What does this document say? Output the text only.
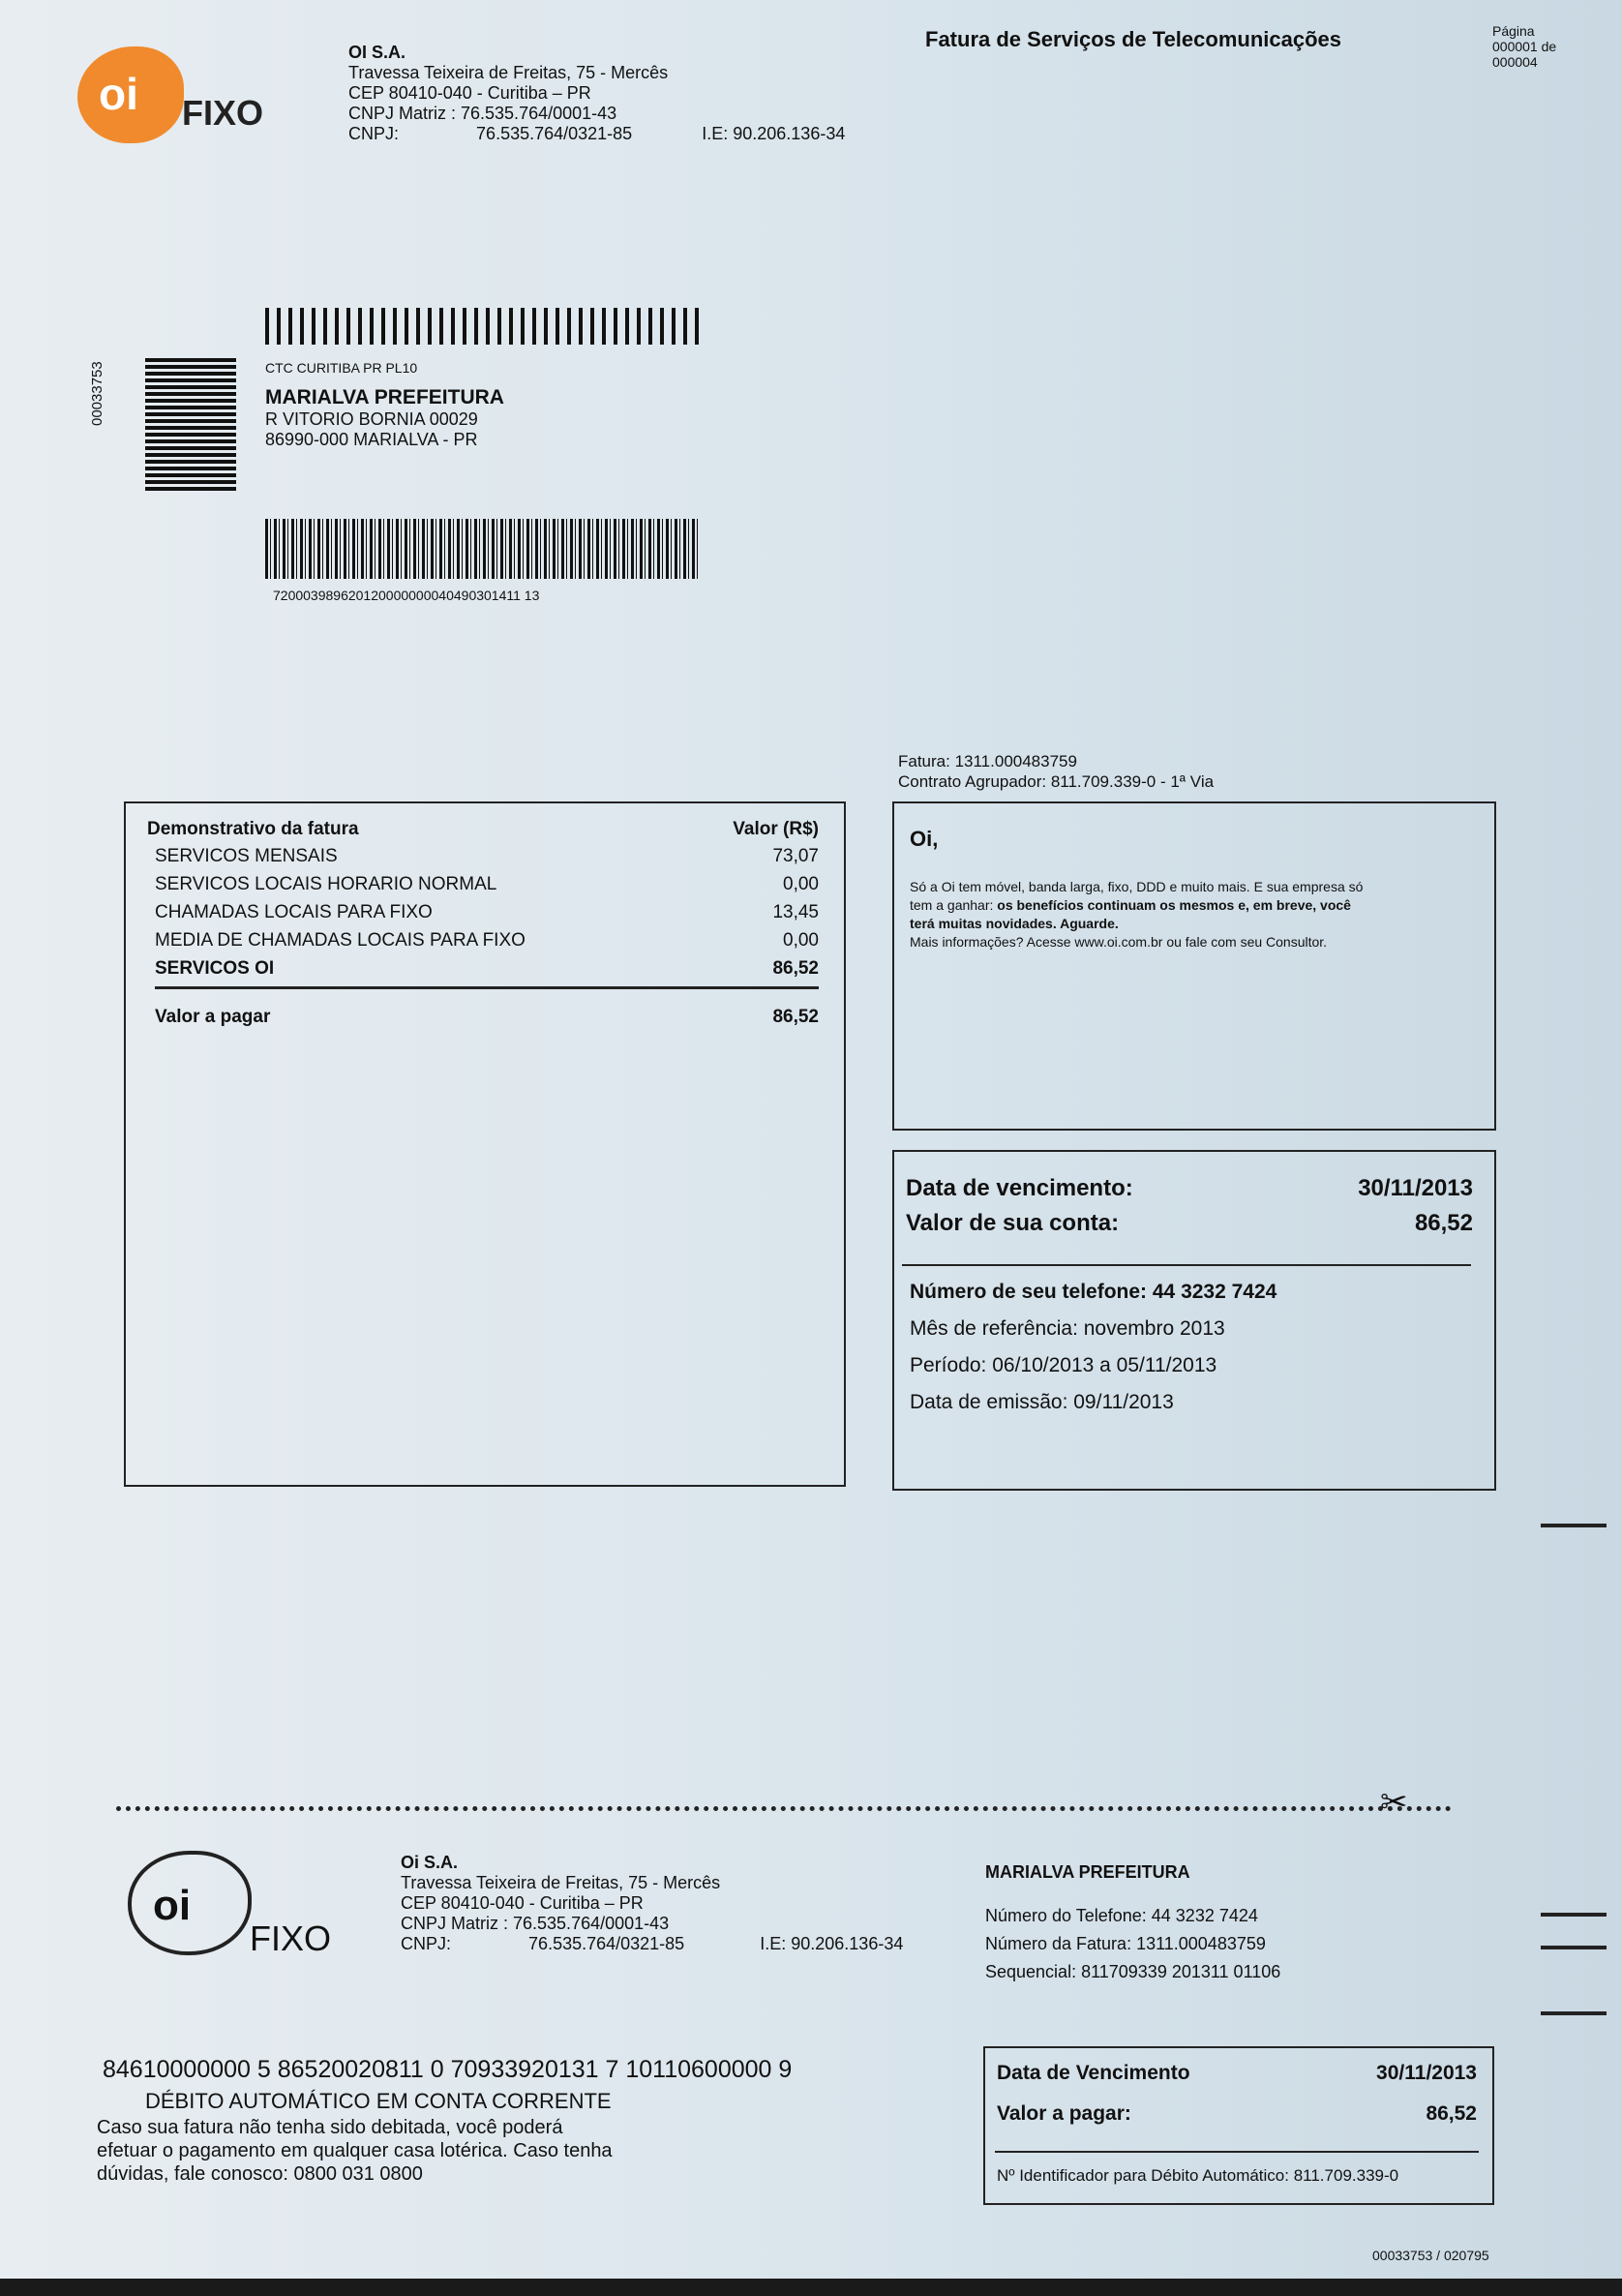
oi FIXO
OI S.A.
Travessa Teixeira de Freitas, 75 - Mercês
CEP 80410-040 - Curitiba – PR
CNPJ Matriz : 76.535.764/0001-43
CNPJ:	76.535.764/0321-85	I.E: 90.206.136-34
Fatura de Serviços de Telecomunicações	Página
000001 de
000004
00033753	CTC CURITIBA PR PL10
MARIALVA PREFEITURA
R VITORIO BORNIA 00029
86990-000 MARIALVA - PR
720003989620120000000040490301411 13
Fatura: 1311.000483759
Contrato Agrupador: 811.709.339-0 - 1ª Via
Demonstrativo da fatura	Valor (R$)
SERVICOS MENSAIS	73,07
SERVICOS LOCAIS HORARIO NORMAL	0,00
CHAMADAS LOCAIS PARA FIXO	13,45
MEDIA DE CHAMADAS LOCAIS PARA FIXO	0,00
SERVICOS OI	86,52
Valor a pagar	86,52
Oi,

Só a Oi tem móvel, banda larga, fixo, DDD e muito mais. E sua empresa só

tem a ganhar: os benefícios continuam os mesmos e, em breve, você

terá muitas novidades. Aguarde.

Mais informações? Acesse www.oi.com.br ou fale com seu Consultor.

Data de vencimento:	30/11/2013
Valor de sua conta:	86,52
Número de seu telefone: 44 3232 7424
Mês de referência: novembro 2013
Período: 06/10/2013 a 05/11/2013
Data de emissão: 09/11/2013
✂
oi
FIXO
Oi S.A.
Travessa Teixeira de Freitas, 75 - Mercês
CEP 80410-040 - Curitiba – PR
CNPJ Matriz : 76.535.764/0001-43
CNPJ:	76.535.764/0321-85	I.E: 90.206.136-34
MARIALVA PREFEITURA
Número do Telefone: 44 3232 7424
Número da Fatura: 1311.000483759
Sequencial: 811709339 201311 01106
84610000000 5 86520020811 0 70933920131 7 10110600000 9
DÉBITO AUTOMÁTICO EM CONTA CORRENTE
Caso sua fatura não tenha sido debitada, você poderá
efetuar o pagamento em qualquer casa lotérica. Caso tenha
dúvidas, fale conosco: 0800 031 0800
Data de Vencimento	30/11/2013
Valor a pagar:	86,52
Nº Identificador para Débito Automático: 811.709.339-0
00033753 / 020795
